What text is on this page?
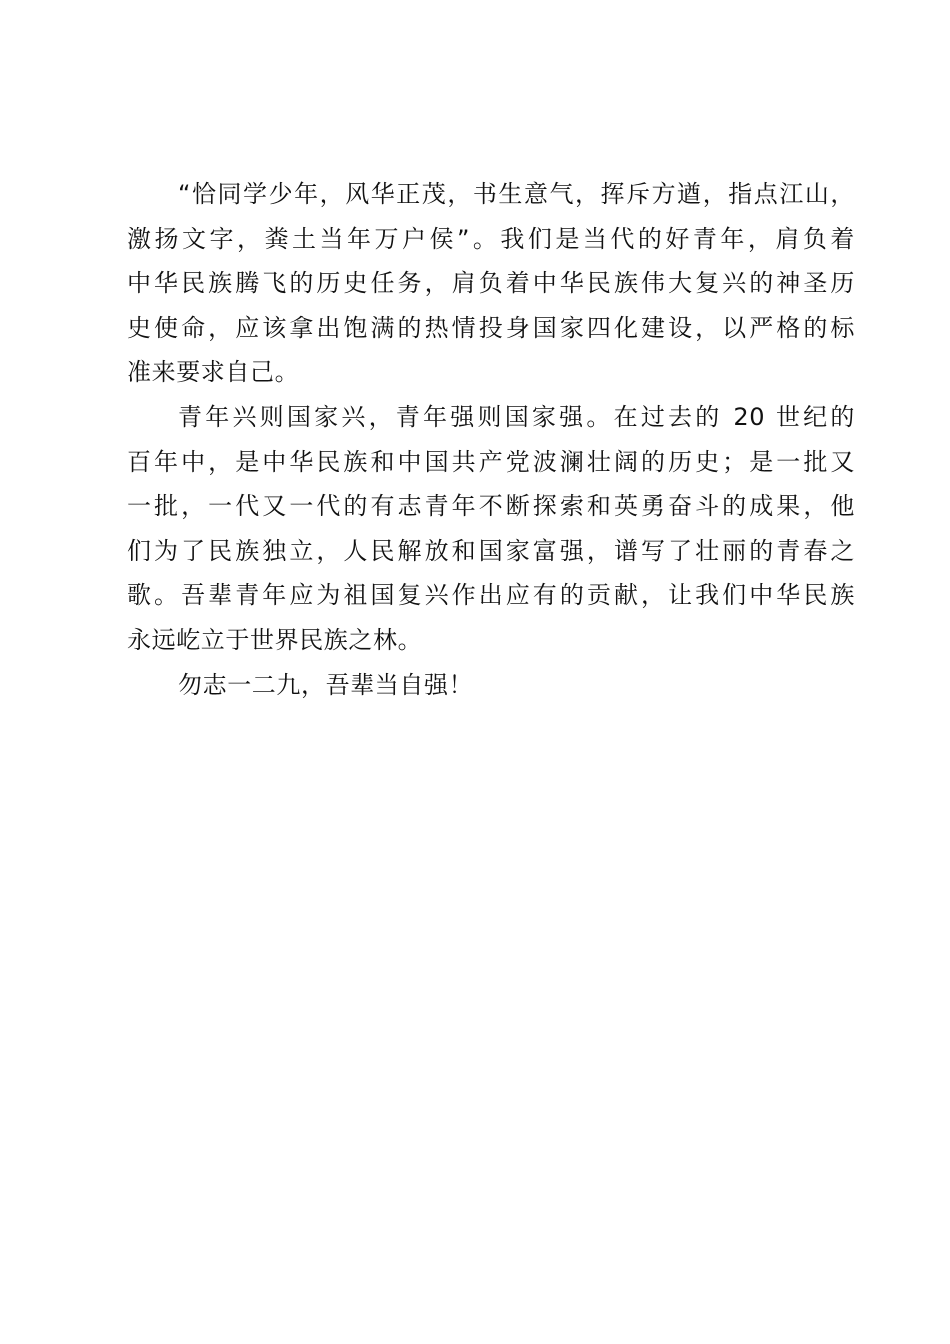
“恰同学少年，风华正茂，书生意气，挥斥方遒，指点江山，
激扬文字，粪土当年万户侯”。我们是当代的好青年，肩负着
中华民族腾飞的历史任务，肩负着中华民族伟大复兴的神圣历
史使命，应该拿出饱满的热情投身国家四化建设，以严格的标
准来要求自己。
青年兴则国家兴，青年强则国家强。在过去的 20 世纪的
百年中，是中华民族和中国共产党波澜壮阔的历史；是一批又
一批，一代又一代的有志青年不断探索和英勇奋斗的成果，他
们为了民族独立，人民解放和国家富强，谱写了壮丽的青春之
歌。吾辈青年应为祖国复兴作出应有的贡献，让我们中华民族
永远屹立于世界民族之林。
勿志一二九，吾辈当自强！
